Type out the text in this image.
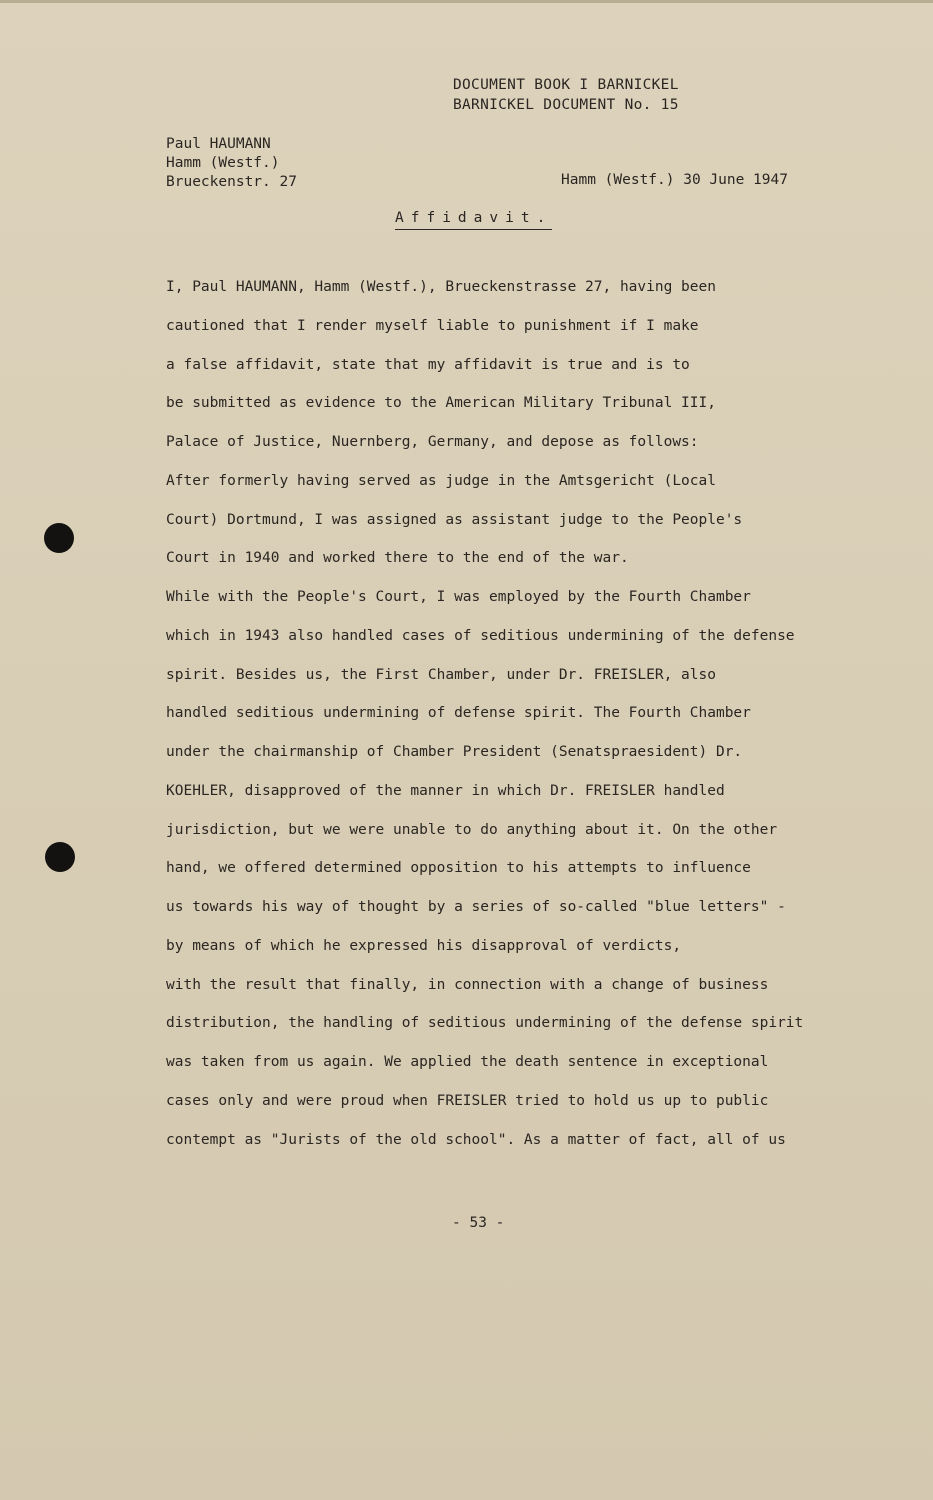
DOCUMENT BOOK I BARNICKEL
BARNICKEL DOCUMENT No. 15
Paul HAUMANN
Hamm (Westf.)
Brueckenstr. 27	Hamm (Westf.) 30 June 1947
Affidavit.
I, Paul HAUMANN, Hamm (Westf.), Brueckenstrasse 27, having been
cautioned that I render myself liable to punishment if I make
a false affidavit, state that my affidavit is true and is to
be submitted as evidence to the American Military Tribunal III,
Palace of Justice, Nuernberg, Germany, and depose as follows:
After formerly having served as judge in the Amtsgericht (Local
Court) Dortmund, I was assigned as assistant judge to the People's
Court in 1940 and worked there to the end of the war.
While with the People's Court, I was employed by the Fourth Chamber
which in 1943 also handled cases of seditious undermining of the defense
spirit. Besides us, the First Chamber, under Dr. FREISLER, also
handled seditious undermining of defense spirit. The Fourth Chamber
under the chairmanship of Chamber President (Senatspraesident) Dr.
KOEHLER, disapproved of the manner in which Dr. FREISLER handled
jurisdiction, but we were unable to do anything about it. On the other
hand, we offered determined opposition to his attempts to influence
us towards his way of thought by a series of so-called "blue letters" -
by means of which he expressed his disapproval of verdicts,
with the result that finally, in connection with a change of business
distribution, the handling of seditious undermining of the defense spirit
was taken from us again. We applied the death sentence in exceptional
cases only and were proud when FREISLER tried to hold us up to public
contempt as "Jurists of the old school". As a matter of fact, all of us
- 53 -
